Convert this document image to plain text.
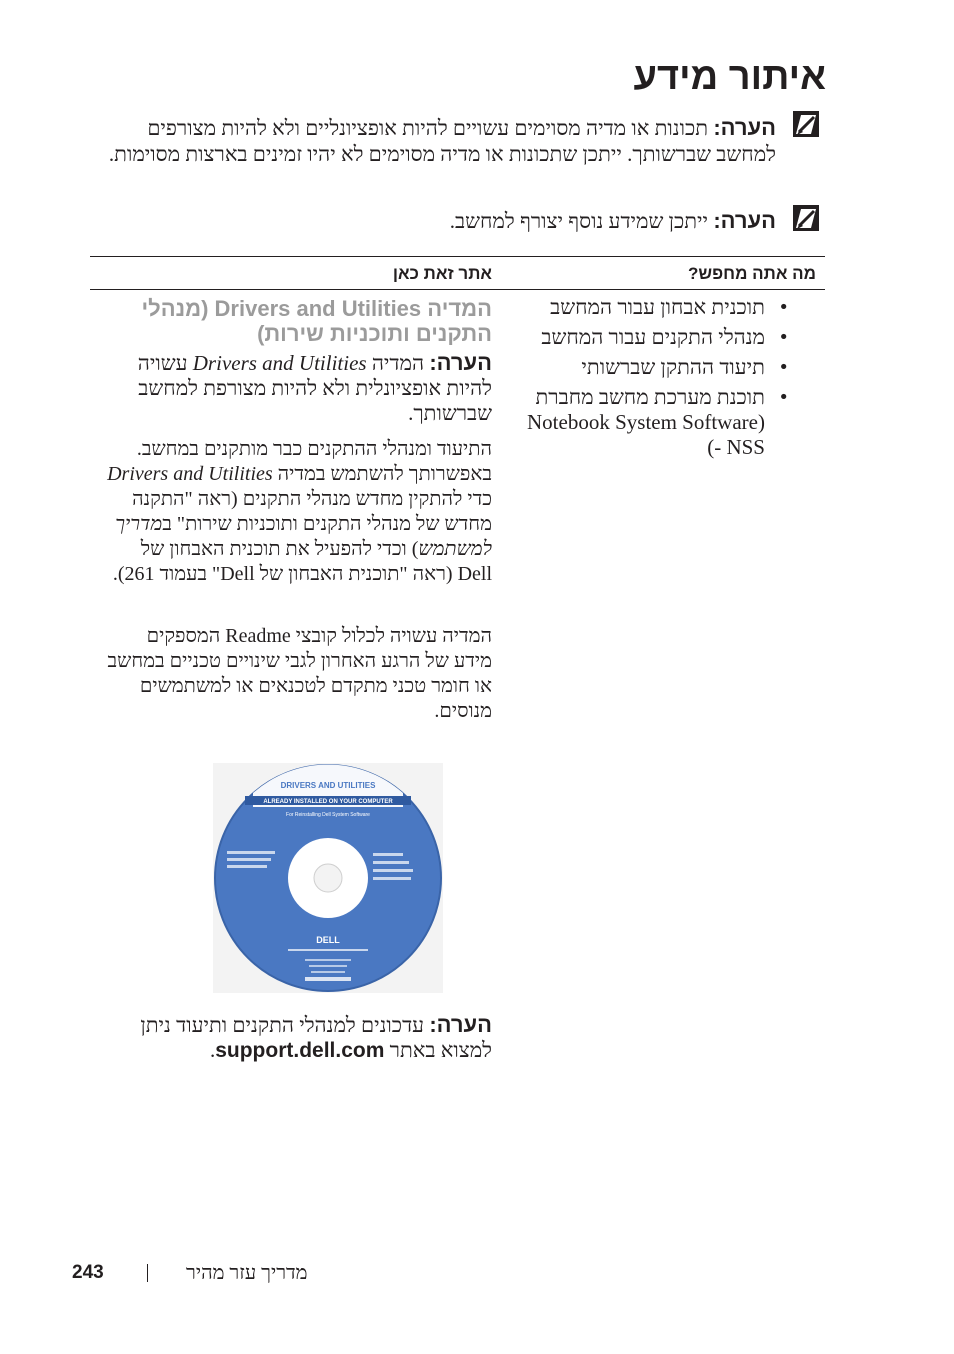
איתור מידע
הערה: תכונות או מדיה מסוימים עשויים להיות אופציונליים ולא להיות מצורפים למחשב שברשותך. ייתכן שתכונות או מדיה מסוימים לא יהיו זמינים בארצות מסוימות.
הערה: ייתכן שמידע נוסף יצורף למחשב.
מה אתה מחפש?
אתר זאת כאן
• תוכנית אבחון עבור המחשב
• מנהלי התקנים עבור המחשב
• תיעוד ההתקן שברשותי
• תוכנת מערכת מחשב מחברת (Notebook System Software - NSS)
המדיה Drivers and Utilities (מנהלי התקנים ותוכניות שירות)
הערה: המדיה Drivers and Utilities עשויה להיות אופציונלית ולא להיות מצורפת למחשב שברשותך.
התיעוד ומנהלי ההתקנים כבר מותקנים במחשב. באפשרותך להשתמש במדיה Drivers and Utilities כדי להתקין מחדש מנהלי התקנים (ראה "התקנה מחדש של מנהלי התקנים ותוכניות שירות" במדריך למשתמש) וכדי להפעיל את תוכנית האבחון של Dell (ראה "תוכנית האבחון של Dell" בעמוד 261).
המדיה עשויה לכלול קובצי Readme המספקים מידע של הרגע האחרון לגבי שינויים טכניים במחשב או חומר טכני מתקדם לטכנאים או למשתמשים מנוסים.
DRIVERS AND UTILITIES
ALREADY INSTALLED ON YOUR COMPUTER
For Reinstalling Dell System Software
DELL
הערה: עדכונים למנהלי התקנים ותיעוד ניתן למצוא באתר support.dell.com.
243	מדריך עזר מהיר
